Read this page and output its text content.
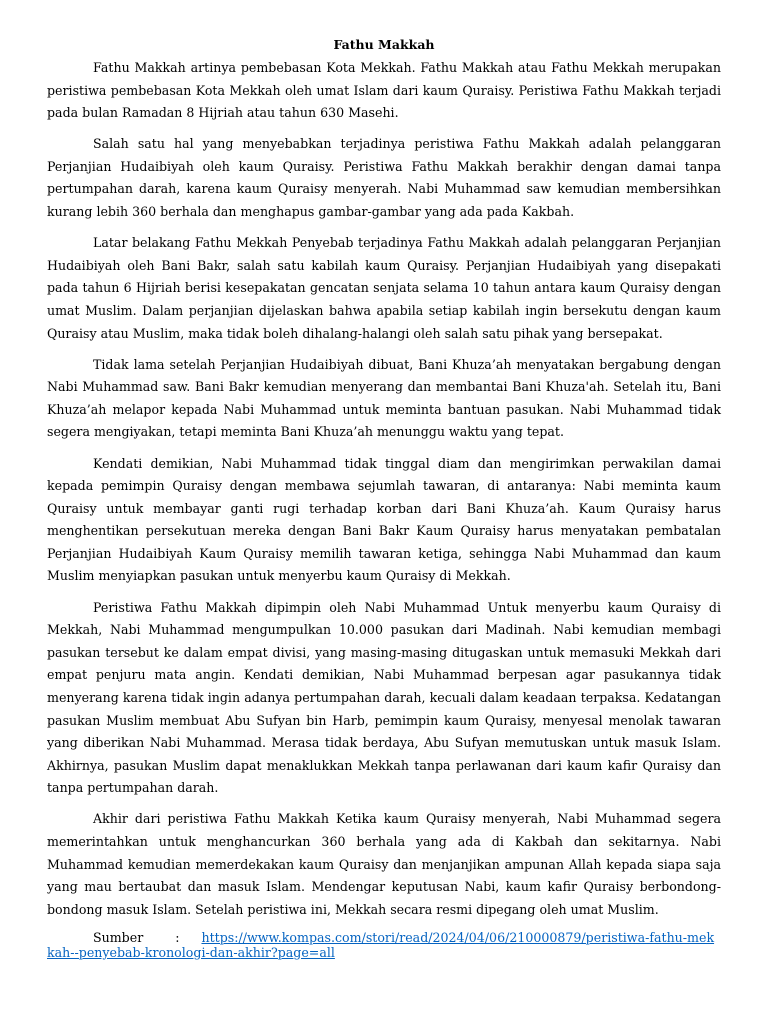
Fathu Makkah

Fathu Makkah artinya pembebasan Kota Mekkah. Fathu Makkah atau Fathu Mekkah merupakan peristiwa pembebasan Kota Mekkah oleh umat Islam dari kaum Quraisy. Peristiwa Fathu Makkah terjadi pada bulan Ramadan 8 Hijriah atau tahun 630 Masehi.

Salah satu hal yang menyebabkan terjadinya peristiwa Fathu Makkah adalah pelanggaran Perjanjian Hudaibiyah oleh kaum Quraisy. Peristiwa Fathu Makkah berakhir dengan damai tanpa pertumpahan darah, karena kaum Quraisy menyerah. Nabi Muhammad saw kemudian membersihkan kurang lebih 360 berhala dan menghapus gambar-gambar yang ada pada Kakbah.

Latar belakang Fathu Mekkah Penyebab terjadinya Fathu Makkah adalah pelanggaran Perjanjian Hudaibiyah oleh Bani Bakr, salah satu kabilah kaum Quraisy. Perjanjian Hudaibiyah yang disepakati pada tahun 6 Hijriah berisi kesepakatan gencatan senjata selama 10 tahun antara kaum Quraisy dengan umat Muslim. Dalam perjanjian dijelaskan bahwa apabila setiap kabilah ingin bersekutu dengan kaum Quraisy atau Muslim, maka tidak boleh dihalang-halangi oleh salah satu pihak yang bersepakat.

Tidak lama setelah Perjanjian Hudaibiyah dibuat, Bani Khuza’ah menyatakan bergabung dengan Nabi Muhammad saw. Bani Bakr kemudian menyerang dan membantai Bani Khuza'ah. Setelah itu, Bani Khuza’ah melapor kepada Nabi Muhammad untuk meminta bantuan pasukan. Nabi Muhammad tidak segera mengiyakan, tetapi meminta Bani Khuza’ah menunggu waktu yang tepat.

Kendati demikian, Nabi Muhammad tidak tinggal diam dan mengirimkan perwakilan damai kepada pemimpin Quraisy dengan membawa sejumlah tawaran, di antaranya: Nabi meminta kaum Quraisy untuk membayar ganti rugi terhadap korban dari Bani Khuza’ah. Kaum Quraisy harus menghentikan persekutuan mereka dengan Bani Bakr Kaum Quraisy harus menyatakan pembatalan Perjanjian Hudaibiyah Kaum Quraisy memilih tawaran ketiga, sehingga Nabi Muhammad dan kaum Muslim menyiapkan pasukan untuk menyerbu kaum Quraisy di Mekkah.

Peristiwa Fathu Makkah dipimpin oleh Nabi Muhammad Untuk menyerbu kaum Quraisy di Mekkah, Nabi Muhammad mengumpulkan 10.000 pasukan dari Madinah. Nabi kemudian membagi pasukan tersebut ke dalam empat divisi, yang masing-masing ditugaskan untuk memasuki Mekkah dari empat penjuru mata angin. Kendati demikian, Nabi Muhammad berpesan agar pasukannya tidak menyerang karena tidak ingin adanya pertumpahan darah, kecuali dalam keadaan terpaksa. Kedatangan pasukan Muslim membuat Abu Sufyan bin Harb, pemimpin kaum Quraisy, menyesal menolak tawaran yang diberikan Nabi Muhammad. Merasa tidak berdaya, Abu Sufyan memutuskan untuk masuk Islam. Akhirnya, pasukan Muslim dapat menaklukkan Mekkah tanpa perlawanan dari kaum kafir Quraisy dan tanpa pertumpahan darah.

Akhir dari peristiwa Fathu Makkah Ketika kaum Quraisy menyerah, Nabi Muhammad segera memerintahkan untuk menghancurkan 360 berhala yang ada di Kakbah dan sekitarnya. Nabi Muhammad kemudian memerdekakan kaum Quraisy dan menjanjikan ampunan Allah kepada siapa saja yang mau bertaubat dan masuk Islam. Mendengar keputusan Nabi, kaum kafir Quraisy berbondong-bondong masuk Islam. Setelah peristiwa ini, Mekkah secara resmi dipegang oleh umat Muslim.

Sumber	: https://www.kompas.com/stori/read/2024/04/06/210000879/peristiwa-fathu-mekkah--penyebab-kronologi-dan-akhir?page=all
